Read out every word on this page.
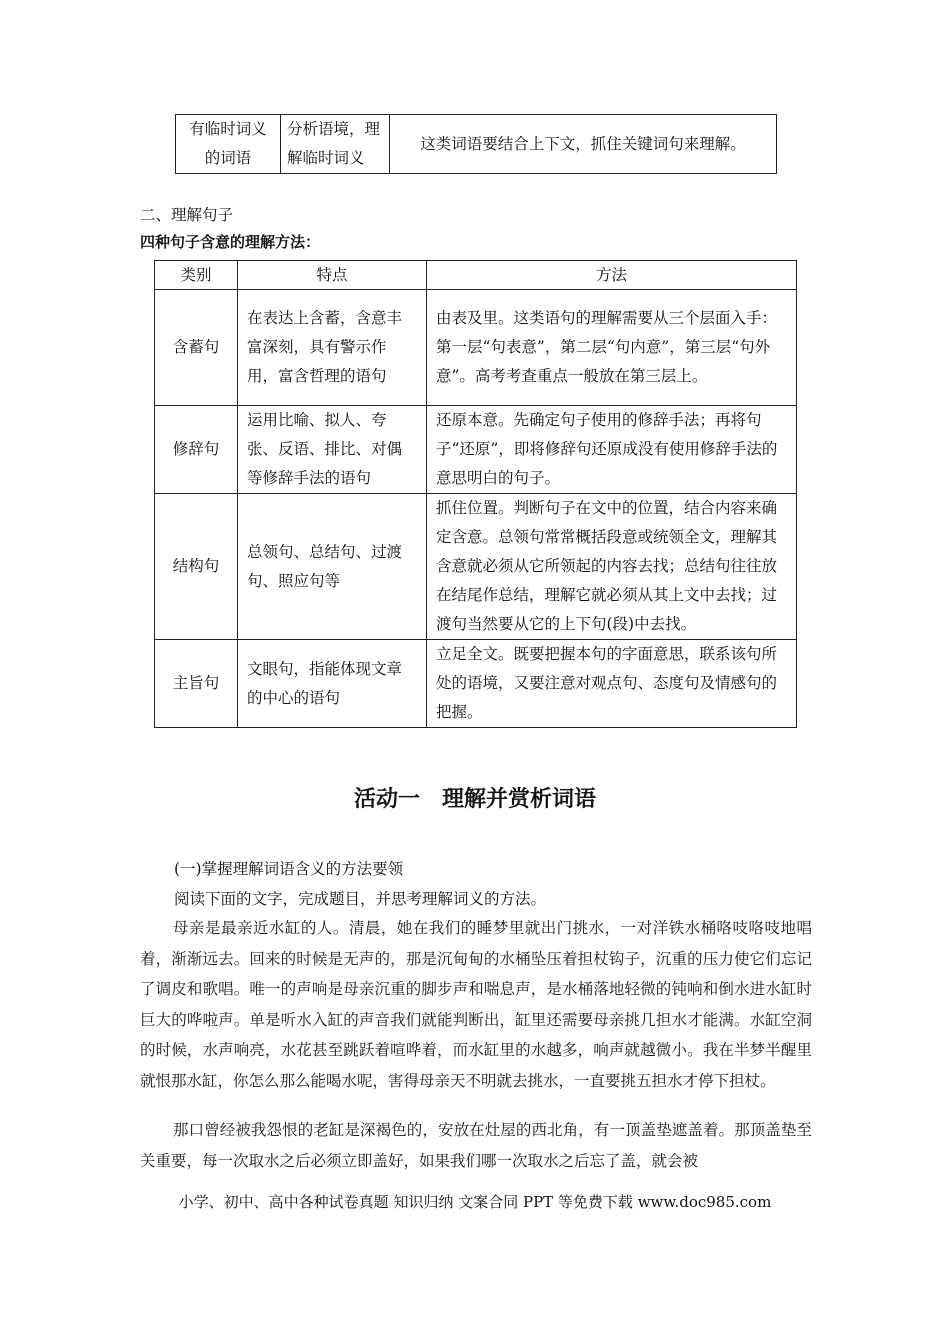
有临时词义的词语	分析语境，理解临时词义	这类词语要结合上下文，抓住关键词句来理解。
二、理解句子
四种句子含意的理解方法：
类别	特点	方法
含蓄句	在表达上含蓄，含意丰富深刻，具有警示作用，富含哲理的语句	由表及里。这类语句的理解需要从三个层面入手：第一层“句表意”，第二层“句内意”，第三层“句外意”。高考考查重点一般放在第三层上。
修辞句	运用比喻、拟人、夸张、反语、排比、对偶等修辞手法的语句	还原本意。先确定句子使用的修辞手法；再将句子“还原”，即将修辞句还原成没有使用修辞手法的意思明白的句子。
结构句	总领句、总结句、过渡句、照应句等	抓住位置。判断句子在文中的位置，结合内容来确定含意。总领句常常概括段意或统领全文，理解其含意就必须从它所领起的内容去找；总结句往往放在结尾作总结，理解它就必须从其上文中去找；过渡句当然要从它的上下句(段)中去找。
主旨句	文眼句，指能体现文章的中心的语句	立足全文。既要把握本句的字面意思，联系该句所处的语境，又要注意对观点句、态度句及情感句的把握。
活动一　理解并赏析词语
(一)掌握理解词语含义的方法要领
阅读下面的文字，完成题目，并思考理解词义的方法。
母亲是最亲近水缸的人。清晨，她在我们的睡梦里就出门挑水，一对洋铁水桶咯吱咯吱地唱着，渐渐远去。回来的时候是无声的，那是沉甸甸的水桶坠压着担杖钩子，沉重的压力使它们忘记了调皮和歌唱。唯一的声响是母亲沉重的脚步声和喘息声，是水桶落地轻微的钝响和倒水进水缸时巨大的哗啦声。单是听水入缸的声音我们就能判断出，缸里还需要母亲挑几担水才能满。水缸空洞的时候，水声响亮，水花甚至跳跃着喧哗着，而水缸里的水越多，响声就越微小。我在半梦半醒里就恨那水缸，你怎么那么能喝水呢，害得母亲天不明就去挑水，一直要挑五担水才停下担杖。
那口曾经被我怨恨的老缸是深褐色的，安放在灶屋的西北角，有一顶盖垫遮盖着。那顶盖垫至关重要，每一次取水之后必须立即盖好，如果我们哪一次取水之后忘了盖，就会被
小学、初中、高中各种试卷真题 知识归纳 文案合同 PPT 等免费下载 www.doc985.com
